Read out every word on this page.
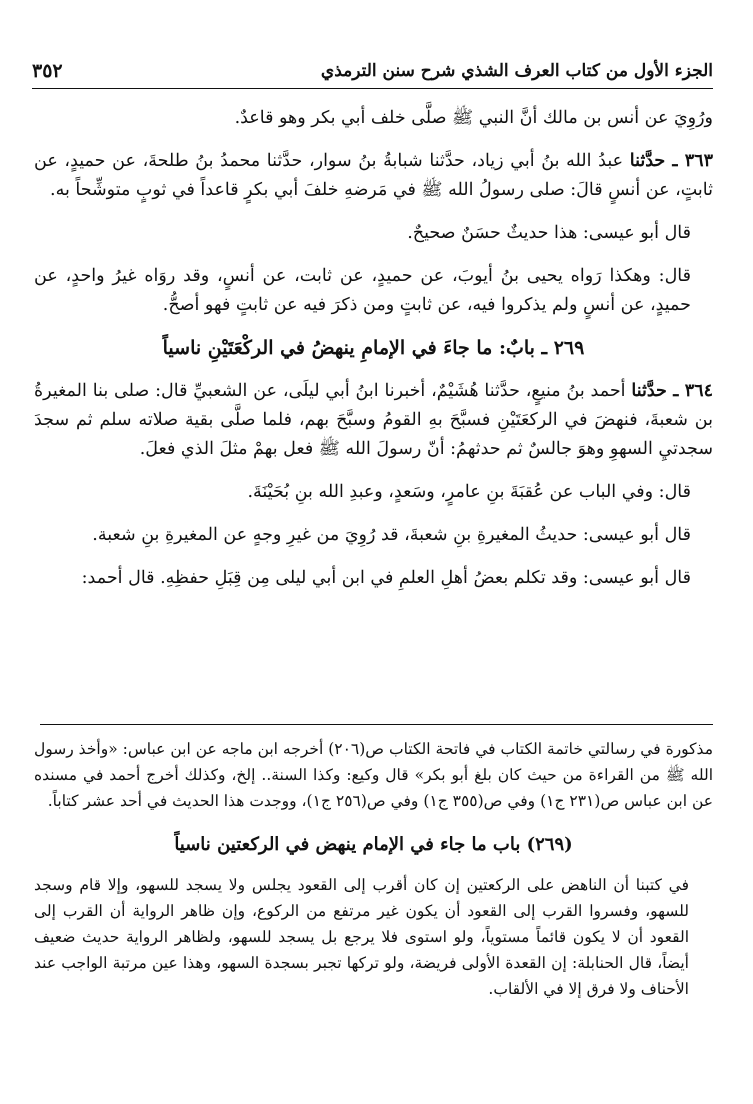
الجزء الأول من كتاب العرف الشذي شرح سنن الترمذي
٣٥٢

ورُوِيَ عن أنس بن مالك أنَّ النبي ﷺ صلَّى خلف أبي بكر وهو قاعدٌ.

٣٦٣ ـ حدَّثنا عبدُ الله بنُ أبي زياد، حدَّثنا شبابةُ بنُ سوار، حدَّثنا محمدُ بنُ طلحةَ، عن حميدٍ، عن ثابتٍ، عن أنسٍ قالَ: صلى رسولُ الله ﷺ في مَرضهِ خلفَ أبي بكرٍ قاعداً في ثوبٍ متوشِّحاً به.

قال أبو عيسى: هذا حديثٌ حسَنٌ صحيحٌ.

قال: وهكذا رَواه يحيى بنُ أيوبَ، عن حميدٍ، عن ثابت، عن أنسٍ، وقد روَاه غيرُ واحدٍ، عن حميدٍ، عن أنسٍ ولم يذكروا فيه، عن ثابتٍ ومن ذكرَ فيه عن ثابتٍ فهو أصحُّ.

٢٦٩ ـ بابٌ: ما جاءَ في الإمامِ ينهضُ في الركْعَتَيْنِ ناسياً

٣٦٤ ـ حدَّثنا أحمد بنُ منيعٍ، حدَّثنا هُشَيْمٌ، أخبرنا ابنُ أبي ليلَى، عن الشعبيِّ قال: صلى بنا المغيرةُ بن شعبةَ، فنهضَ في الركعَتَيْنِ فسبَّحَ بهِ القومُ وسبَّحَ بهم، فلما صلَّى بقية صلاته سلم ثم سجدَ سجدتيِ السهوِ وهوَ جالسٌ ثم حدثهمُ: أنّ رسولَ الله ﷺ فعل بهمْ مثلَ الذي فعلَ.

قال: وفي الباب عن عُقبَةَ بنِ عامرٍ، وسَعدٍ، وعبدِ الله بنِ بُحَيْنَةَ.

قال أبو عيسى: حديثُ المغيرةِ بنِ شعبةَ، قد رُوِيَ من غيرِ وجهٍ عن المغيرةِ بنِ شعبة.

قال أبو عيسى: وقد تكلم بعضُ أهلِ العلمِ في ابن أبي ليلى مِن قِبَلِ حفظِهِ. قال أحمد:

مذكورة في رسالتي خاتمة الكتاب في فاتحة الكتاب ص(٢٠٦) أخرجه ابن ماجه عن ابن عباس: «وأخذ رسول الله ﷺ من القراءة من حيث كان بلغ أبو بكر» قال وكيع: وكذا السنة.. إلخ، وكذلك أخرج أحمد في مسنده عن ابن عباس ص(٢٣١ ج١) وفي ص(٣٥٥ ج١) وفي ص(٢٥٦ ج١)، ووجدت هذا الحديث في أحد عشر كتاباً.

(٢٦٩) باب ما جاء في الإمام ينهض في الركعتين ناسياً

في كتبنا أن الناهض على الركعتين إن كان أقرب إلى القعود يجلس ولا يسجد للسهو، وإلا قام وسجد للسهو، وفسروا القرب إلى القعود أن يكون غير مرتفع من الركوع، وإن ظاهر الرواية أن القرب إلى القعود أن لا يكون قائماً مستوياً، ولو استوى فلا يرجع بل يسجد للسهو، ولظاهر الرواية حديث ضعيف أيضاً، قال الحنابلة: إن القعدة الأولى فريضة، ولو تركها تجبر بسجدة السهو، وهذا عين مرتبة الواجب عند الأحناف ولا فرق إلا في الألقاب.
